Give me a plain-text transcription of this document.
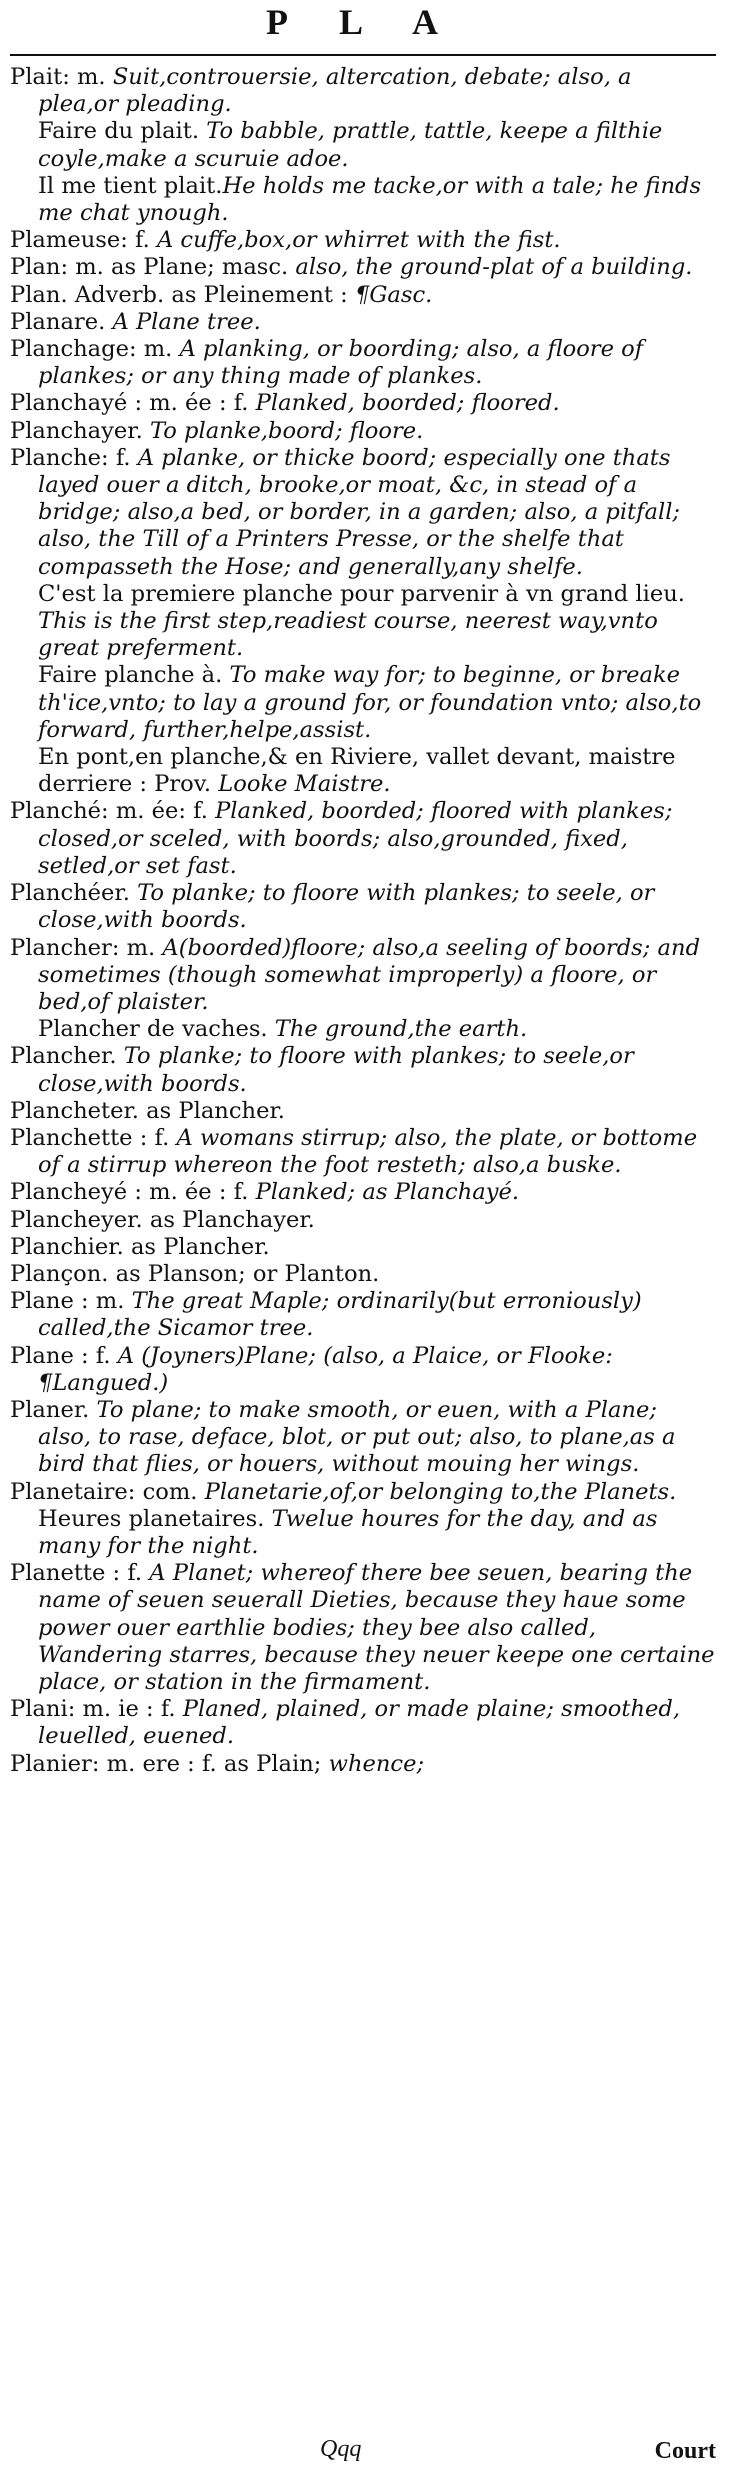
P L A

Plait: m. Suit,controuersie, altercation, debate; also, a plea,or pleading.

Faire du plait. To babble, prattle, tattle, keepe a filthie coyle,make a scuruie adoe.

Il me tient plait.He holds me tacke,or with a tale; he finds me chat ynough.

Plameuse: f. A cuffe,box,or whirret with the fist.

Plan: m. as Plane; masc. also, the ground-plat of a building.

Plan. Adverb. as Pleinement : ¶Gasc.

Planare. A Plane tree.

Planchage: m. A planking, or boording; also, a floore of plankes; or any thing made of plankes.

Planchayé : m. ée : f. Planked, boorded; floored.

Planchayer. To planke,boord; floore.

Planche: f. A planke, or thicke boord; especially one thats layed ouer a ditch, brooke,or moat, &c, in stead of a bridge; also,a bed, or border, in a garden; also, a pitfall; also, the Till of a Printers Presse, or the shelfe that compasseth the Hose; and generally,any shelfe.

C'est la premiere planche pour parvenir à vn grand lieu. This is the first step,readiest course, neerest way,vnto great preferment.

Faire planche à. To make way for; to beginne, or breake th'ice,vnto; to lay a ground for, or foundation vnto; also,to forward, further,helpe,assist.

En pont,en planche,& en Riviere, vallet devant, maistre derriere : Prov. Looke Maistre.

Planché: m. ée: f. Planked, boorded; floored with plankes; closed,or sceled, with boords; also,grounded, fixed, setled,or set fast.

Planchéer. To planke; to floore with plankes; to seele, or close,with boords.

Plancher: m. A(boorded)floore; also,a seeling of boords; and sometimes (though somewhat improperly) a floore, or bed,of plaister.

Plancher de vaches. The ground,the earth.

Plancher. To planke; to floore with plankes; to seele,or close,with boords.

Plancheter. as Plancher.

Planchette : f. A womans stirrup; also, the plate, or bottome of a stirrup whereon the foot resteth; also,a buske.

Plancheyé : m. ée : f. Planked; as Planchayé.

Plancheyer. as Planchayer.

Planchier. as Plancher.

Plançon. as Planson; or Planton.

Plane : m. The great Maple; ordinarily(but erroniously) called,the Sicamor tree.

Plane : f. A (Joyners)Plane; (also, a Plaice, or Flooke: ¶Langued.)

Planer. To plane; to make smooth, or euen, with a Plane; also, to rase, deface, blot, or put out; also, to plane,as a bird that flies, or houers, without mouing her wings.

Planetaire: com. Planetarie,of,or belonging to,the Planets.

Heures planetaires. Twelue houres for the day, and as many for the night.

Planette : f. A Planet; whereof there bee seuen, bearing the name of seuen seuerall Dieties, because they haue some power ouer earthlie bodies; they bee also called, Wandering starres, because they neuer keepe one certaine place, or station in the firmament.

Plani: m. ie : f. Planed, plained, or made plaine; smoothed, leuelled, euened.

Planier: m. ere : f. as Plain; whence;

Qqq	Court
